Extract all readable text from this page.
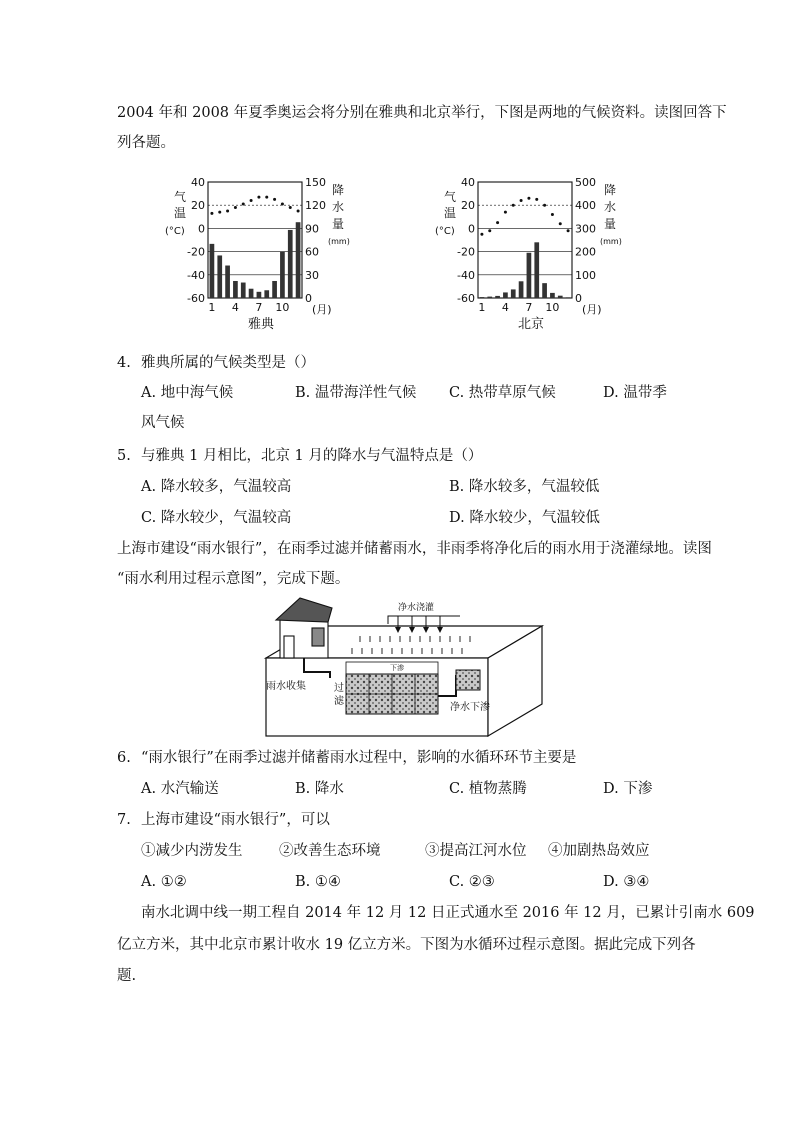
2004 年和 2008 年夏季奥运会将分别在雅典和北京举行，下图是两地的气候资料。读图回答下
列各题。
气
温
(°C)
降
水
量
(mm)
40
20
0
-20
-40
-60
150
120
90
60
30
0
1 4 7 10 (月)
雅典
气
温
(°C)
降
水
量
(mm)
40
20
0
-20
-40
-60
500
400
300
200
100
0
1 4 7 10 (月)
北京
4. 雅典所属的气候类型是（）
A. 地中海气候	B. 温带海洋性气候 C. 热带草原气候	D. 温带季
风气候
5. 与雅典 1 月相比，北京 1 月的降水与气温特点是（）
A. 降水较多，气温较高	B. 降水较多，气温较低
C. 降水较少，气温较高	D. 降水较少，气温较低
上海市建设“雨水银行”，在雨季过滤并储蓄雨水，非雨季将净化后的雨水用于浇灌绿地。读图
“雨水利用过程示意图”，完成下题。
净水浇灌
雨水收集	过
滤
净水下渗
下渗
6. “雨水银行”在雨季过滤并储蓄雨水过程中，影响的水循环环节主要是
A. 水汽输送	B. 降水	C. 植物蒸腾	D. 下渗
7. 上海市建设“雨水银行”，可以
①减少内涝发生	②改善生态环境	③提高江河水位 ④加剧热岛效应
A. ①②	B. ①④	C. ②③	D. ③④
南水北调中线一期工程自 2014 年 12 月 12 日正式通水至 2016 年 12 月，已累计引南水 609
亿立方米，其中北京市累计收水 19 亿立方米。下图为水循环过程示意图。据此完成下列各
题.
